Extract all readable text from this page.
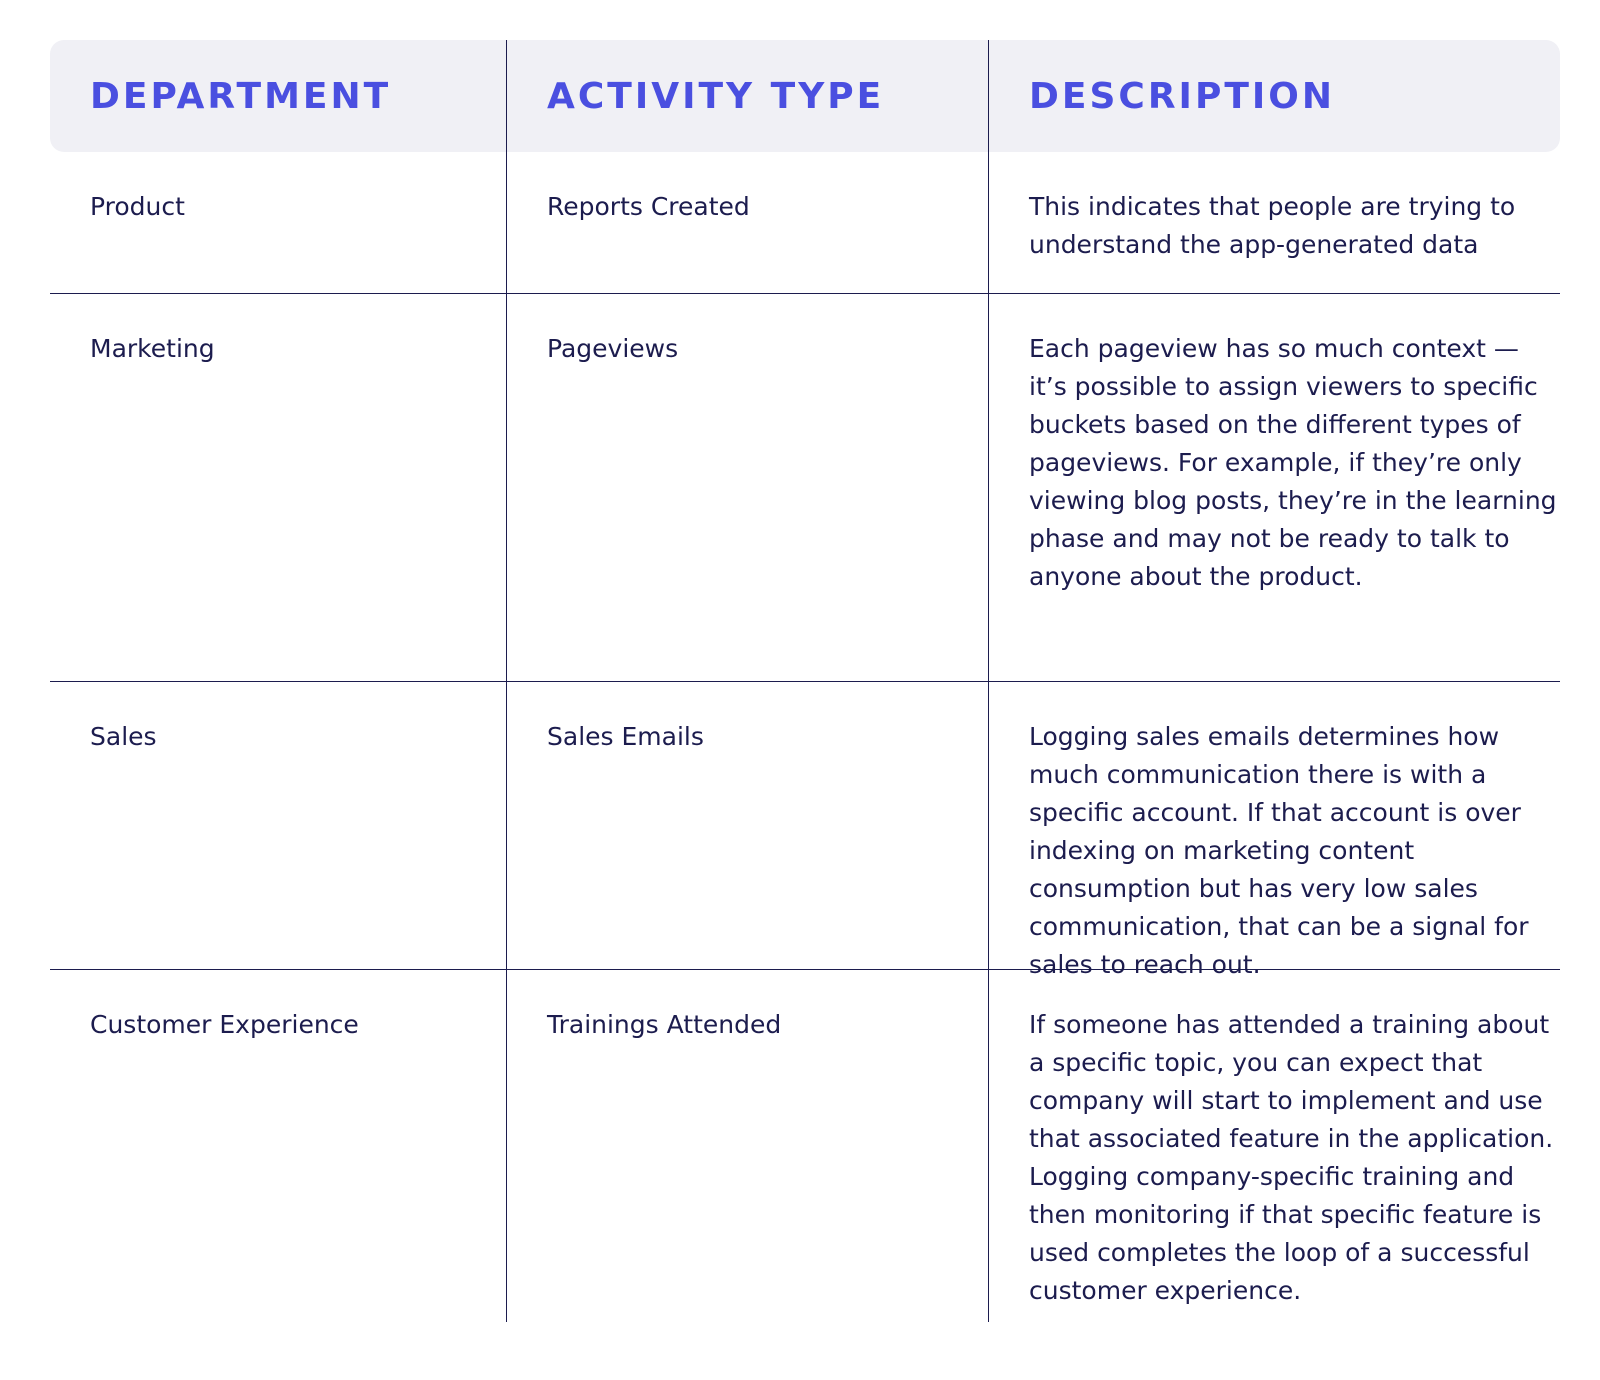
DEPARTMENT	ACTIVITY TYPE	DESCRIPTION
Product	Reports Created	This indicates that people are trying to understand the app-generated data
Marketing	Pageviews	Each pageview has so much context — it’s possible to assign viewers to specific buckets based on the different types of pageviews. For example, if they’re only viewing blog posts, they’re in the learning phase and may not be ready to talk to anyone about the product.
Sales	Sales Emails	Logging sales emails determines how much communication there is with a specific account. If that account is over indexing on marketing content consumption but has very low sales communication, that can be a signal for sales to reach out.
Customer Experience	Trainings Attended	If someone has attended a training about a specific topic, you can expect that company will start to implement and use that associated feature in the application. Logging company-specific training and then monitoring if that specific feature is used completes the loop of a successful customer experience.
